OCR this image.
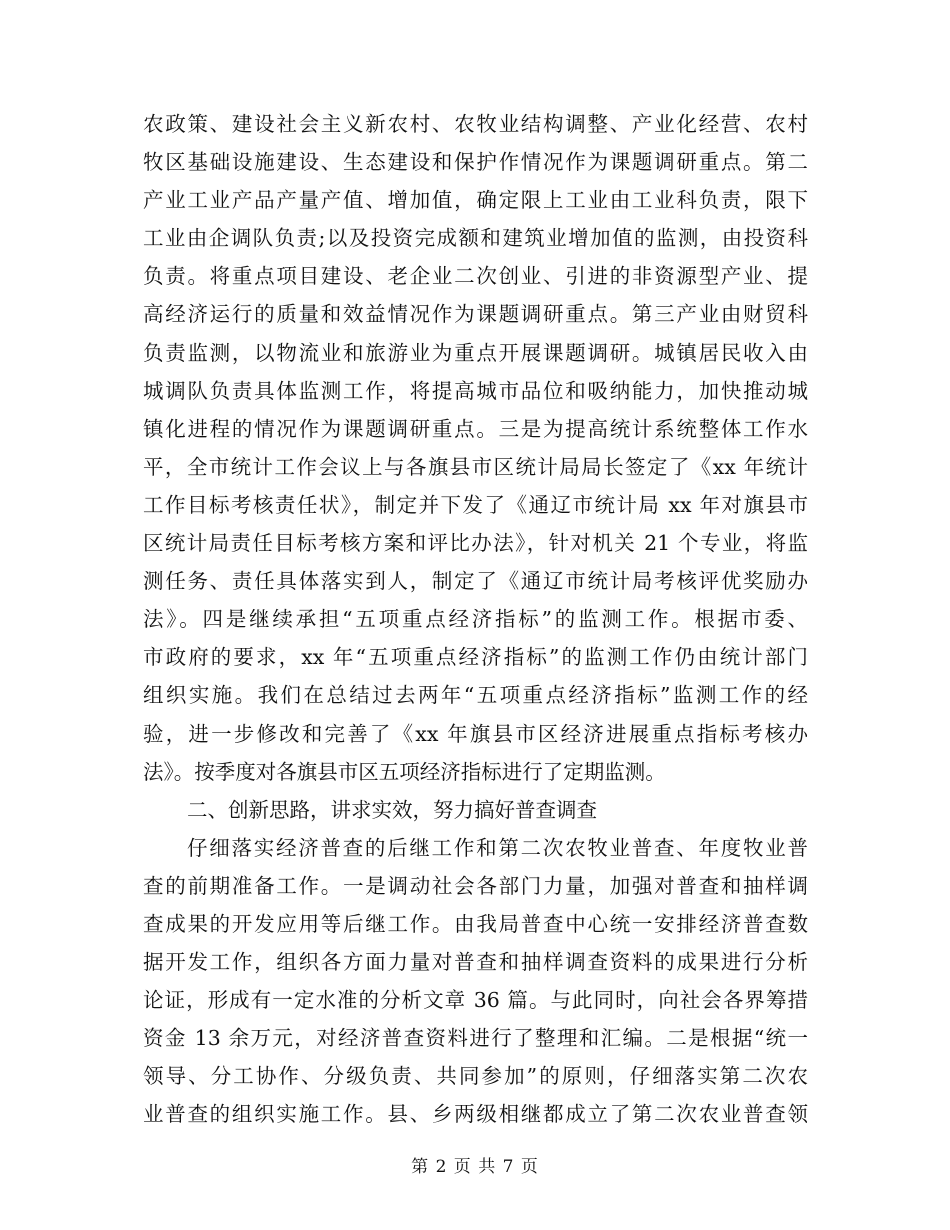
农政策、建设社会主义新农村、农牧业结构调整、产业化经营、农村
牧区基础设施建设、生态建设和保护作情况作为课题调研重点。第二
产业工业产品产量产值、增加值，确定限上工业由工业科负责，限下
工业由企调队负责;以及投资完成额和建筑业增加值的监测，由投资科
负责。将重点项目建设、老企业二次创业、引进的非资源型产业、提
高经济运行的质量和效益情况作为课题调研重点。第三产业由财贸科
负责监测，以物流业和旅游业为重点开展课题调研。城镇居民收入由
城调队负责具体监测工作，将提高城市品位和吸纳能力，加快推动城
镇化进程的情况作为课题调研重点。三是为提高统计系统整体工作水
平，全市统计工作会议上与各旗县市区统计局局长签定了《xx 年统计
工作目标考核责任状》，制定并下发了《通辽市统计局 xx 年对旗县市
区统计局责任目标考核方案和评比办法》，针对机关 21 个专业，将监
测任务、责任具体落实到人，制定了《通辽市统计局考核评优奖励办
法》。四是继续承担“五项重点经济指标”的监测工作。根据市委、
市政府的要求，xx 年“五项重点经济指标”的监测工作仍由统计部门
组织实施。我们在总结过去两年“五项重点经济指标”监测工作的经
验，进一步修改和完善了《xx 年旗县市区经济进展重点指标考核办
法》。按季度对各旗县市区五项经济指标进行了定期监测。
二、创新思路，讲求实效，努力搞好普查调查
仔细落实经济普查的后继工作和第二次农牧业普查、年度牧业普
查的前期准备工作。一是调动社会各部门力量，加强对普查和抽样调
查成果的开发应用等后继工作。由我局普查中心统一安排经济普查数
据开发工作，组织各方面力量对普查和抽样调查资料的成果进行分析
论证，形成有一定水准的分析文章 36 篇。与此同时，向社会各界筹措
资金 13 余万元，对经济普查资料进行了整理和汇编。二是根据“统一
领导、分工协作、分级负责、共同参加”的原则，仔细落实第二次农
业普查的组织实施工作。县、乡两级相继都成立了第二次农业普查领
第 2 页 共 7 页
